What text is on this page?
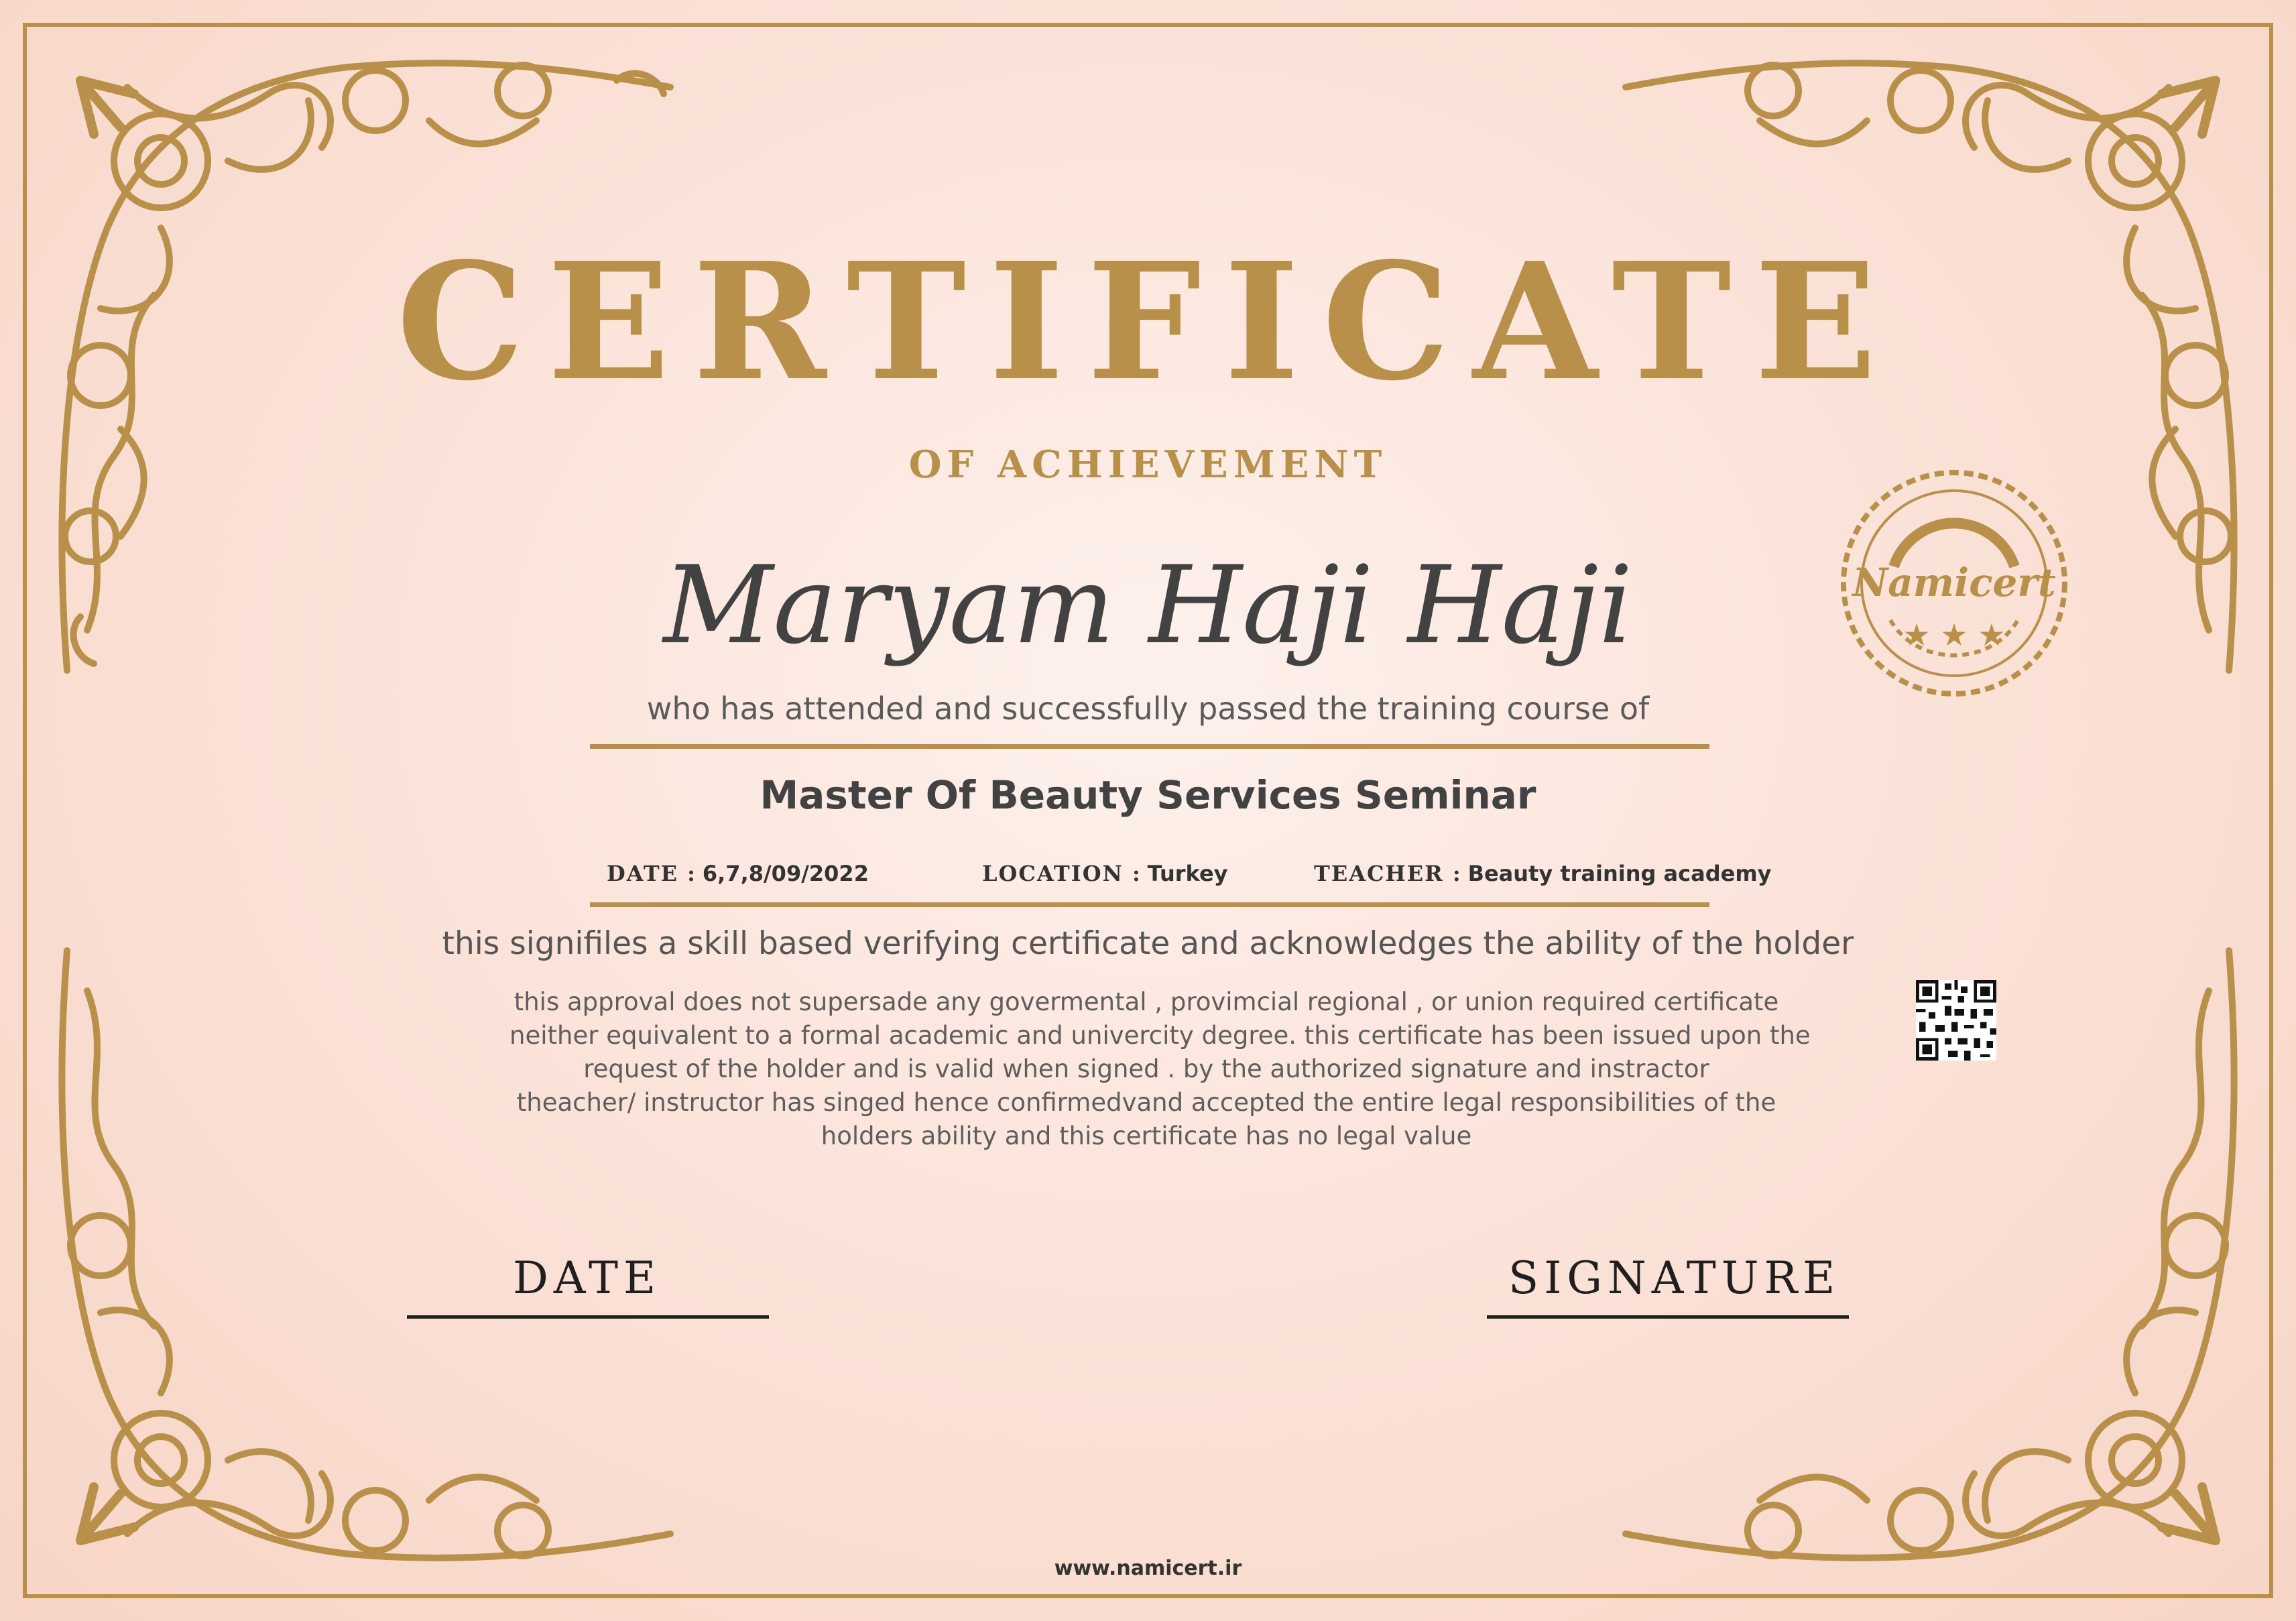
CERTIFICATE
OF ACHIEVEMENT
Maryam Haji Haji
who has attended and successfully passed the training course of
Master Of Beauty Services Seminar
DATE : 6,7,8/09/2022	LOCATION : Turkey	TEACHER : Beauty training academy
this signifiles a skill based verifying certificate and acknowledges the ability of the holder
this approval does not supersade any govermental , provimcial regional , or union required certificate
neither equivalent to a formal academic and univercity degree. this certificate has been issued upon the
request of the holder and is valid when signed . by the authorized signature and instractor
theacher/ instructor has singed hence confirmedvand accepted the entire legal responsibilities of the
holders ability and this certificate has no legal value
Namicert
★ ★ ★
DATE	SIGNATURE
www.namicert.ir
